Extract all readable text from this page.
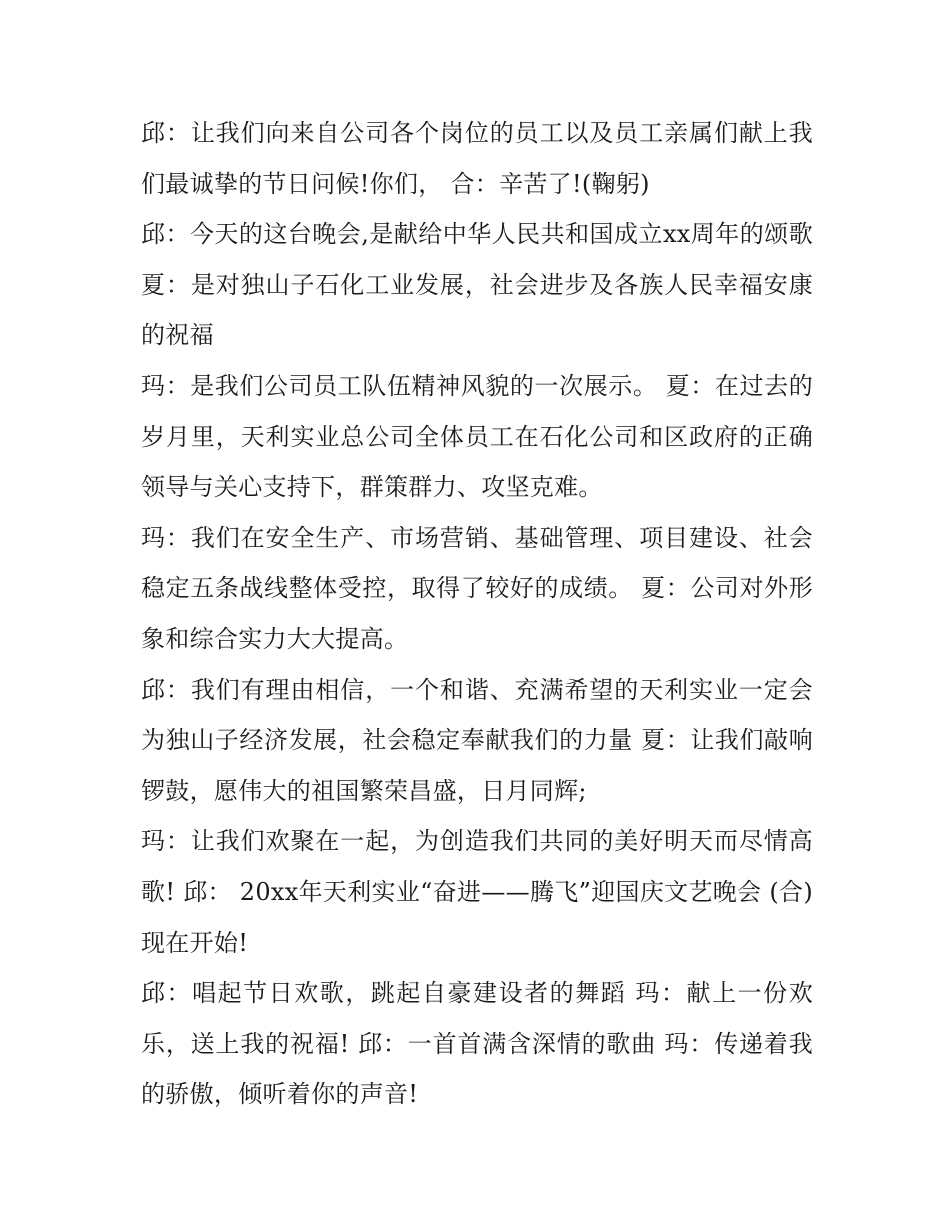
邱：让我们向来自公司各个岗位的员工以及员工亲属们献上我们最诚挚的节日问候!你们， 合：辛苦了!(鞠躬)

邱：今天的这台晚会,是献给中华人民共和国成立xx周年的颂歌 夏：是对独山子石化工业发展，社会进步及各族人民幸福安康的祝福

玛：是我们公司员工队伍精神风貌的一次展示。 夏：在过去的岁月里，天利实业总公司全体员工在石化公司和区政府的正确领导与关心支持下，群策群力、攻坚克难。

玛：我们在安全生产、市场营销、基础管理、项目建设、社会稳定五条战线整体受控，取得了较好的成绩。 夏：公司对外形象和综合实力大大提高。

邱：我们有理由相信，一个和谐、充满希望的天利实业一定会为独山子经济发展，社会稳定奉献我们的力量 夏：让我们敲响锣鼓，愿伟大的祖国繁荣昌盛，日月同辉;

玛：让我们欢聚在一起，为创造我们共同的美好明天而尽情高歌! 邱： 20xx年天利实业“奋进——腾飞”迎国庆文艺晚会 (合)现在开始!

邱：唱起节日欢歌，跳起自豪建设者的舞蹈 玛：献上一份欢乐，送上我的祝福! 邱：一首首满含深情的歌曲 玛：传递着我的骄傲，倾听着你的声音!
